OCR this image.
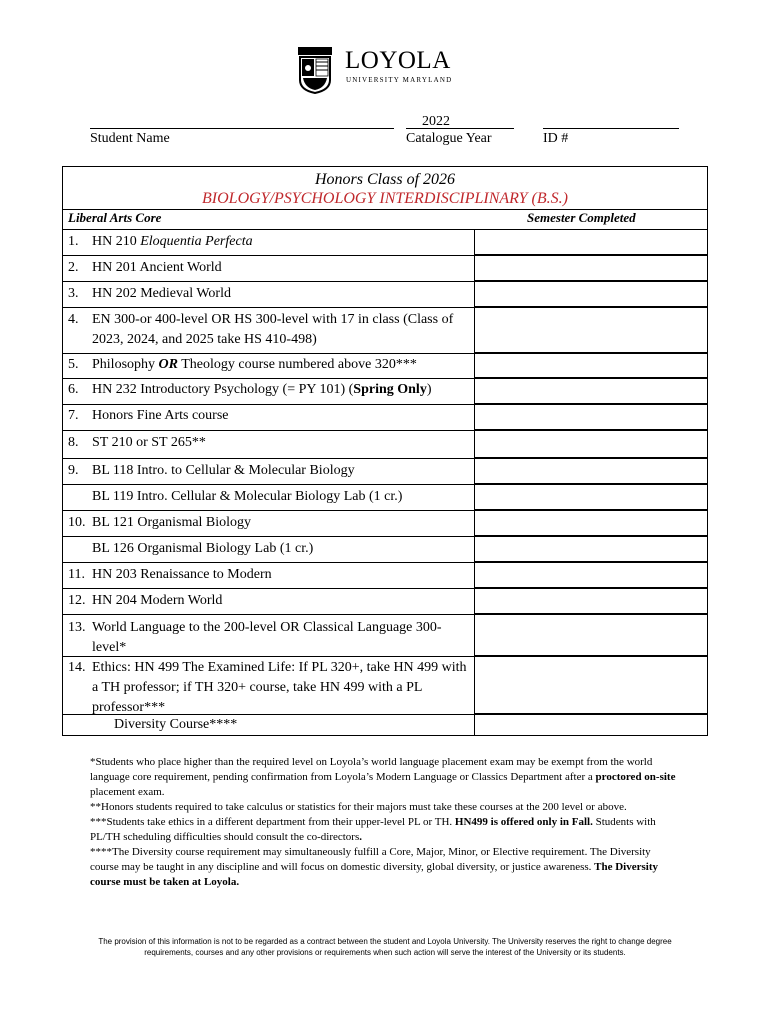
LOYOLA
UNIVERSITY MARYLAND
Student Name
2022
Catalogue Year	ID #
Honors Class of 2026
BIOLOGY/PSYCHOLOGY INTERDISCIPLINARY (B.S.)
Liberal Arts Core	Semester Completed
1.HN 210 Eloquentia Perfecta
2.HN 201 Ancient World
3.HN 202 Medieval World
4.EN 300-or 400-level OR HS 300-level with 17 in class (Class of 2023, 2024, and 2025 take HS 410-498)
5.Philosophy OR Theology course numbered above 320***
6.HN 232 Introductory Psychology (= PY 101) (Spring Only)
7.Honors Fine Arts course
8.ST 210 or ST 265**
9.BL 118 Intro. to Cellular & Molecular Biology
BL 119 Intro. Cellular & Molecular Biology Lab (1 cr.)
10.BL 121 Organismal Biology
BL 126 Organismal Biology Lab (1 cr.)
11.HN 203 Renaissance to Modern
12.HN 204 Modern World
13.World Language to the 200-level OR Classical Language 300-level*
14.Ethics: HN 499 The Examined Life: If PL 320+, take HN 499 with a TH professor; if TH 320+ course, take HN 499 with a PL professor***
Diversity Course****

*Students who place higher than the required level on Loyola’s world language placement exam may be exempt from the world language core requirement, pending confirmation from Loyola’s Modern Language or Classics Department after a proctored on-site placement exam.

**Honors students required to take calculus or statistics for their majors must take these courses at the 200 level or above.

***Students take ethics in a different department from their upper-level PL or TH. HN499 is offered only in Fall. Students with PL/TH scheduling difficulties should consult the co-directors.

****The Diversity course requirement may simultaneously fulfill a Core, Major, Minor, or Elective requirement. The Diversity course may be taught in any discipline and will focus on domestic diversity, global diversity, or justice awareness. The Diversity course must be taken at Loyola.

The provision of this information is not to be regarded as a contract between the student and Loyola University. The University reserves the right to change degree requirements, courses and any other provisions or requirements when such action will serve the interest of the University or its students.
